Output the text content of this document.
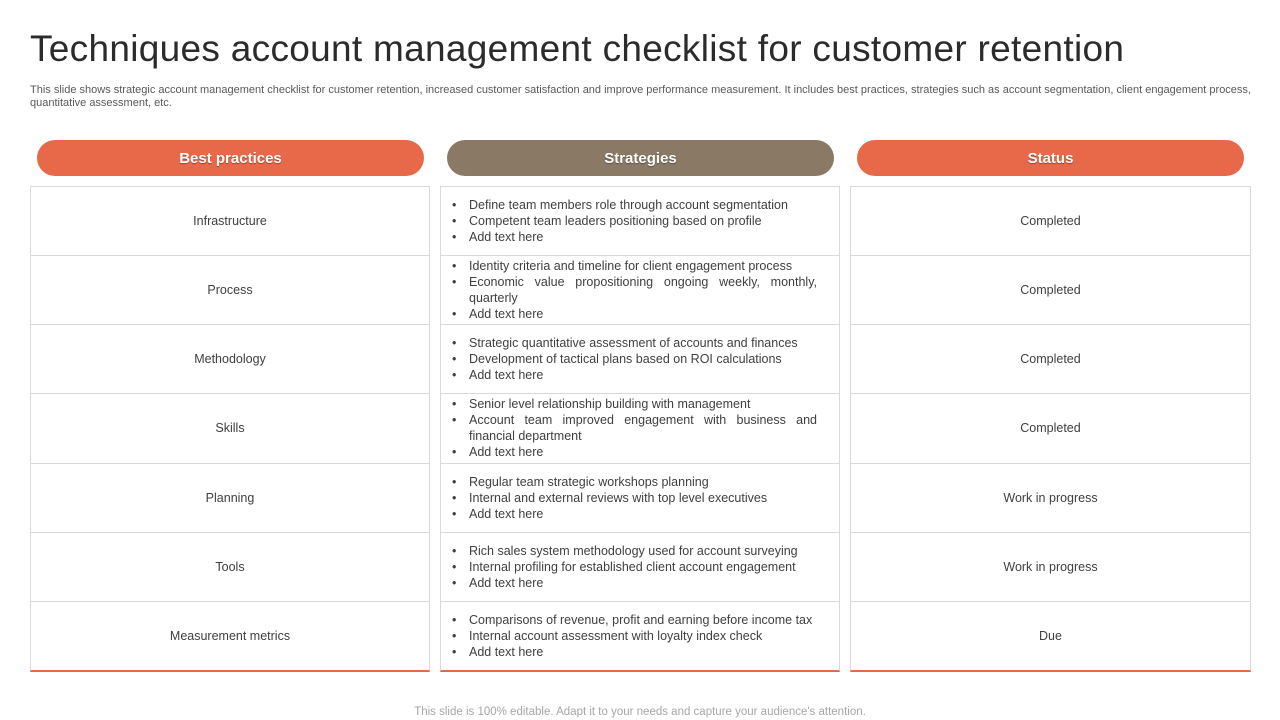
Techniques account management checklist for customer retention
This slide shows strategic account management checklist for customer retention, increased customer satisfaction and improve performance measurement. It includes best practices, strategies such as account segmentation, client engagement process, quantitative assessment, etc.
Best practices	Strategies	Status
Infrastructure
Process
Methodology
Skills
Planning
Tools
Measurement metrics
• Define team members role through account segmentation
• Competent team leaders positioning based on profile
• Add text here
• Identity criteria and timeline for client engagement process
• Economic value propositioning ongoing weekly, monthly, quarterly
• Add text here
• Strategic quantitative assessment of accounts and finances
• Development of tactical plans based on ROI calculations
• Add text here
• Senior level relationship building with management
• Account team improved engagement with business and financial department
• Add text here
• Regular team strategic workshops planning
• Internal and external reviews with top level executives
• Add text here
• Rich sales system methodology used for account surveying
• Internal profiling for established client account engagement
• Add text here
• Comparisons of revenue, profit and earning before income tax
• Internal account assessment with loyalty index check
• Add text here
Completed
Completed
Completed
Completed
Work in progress
Work in progress
Due
This slide is 100% editable. Adapt it to your needs and capture your audience's attention.
